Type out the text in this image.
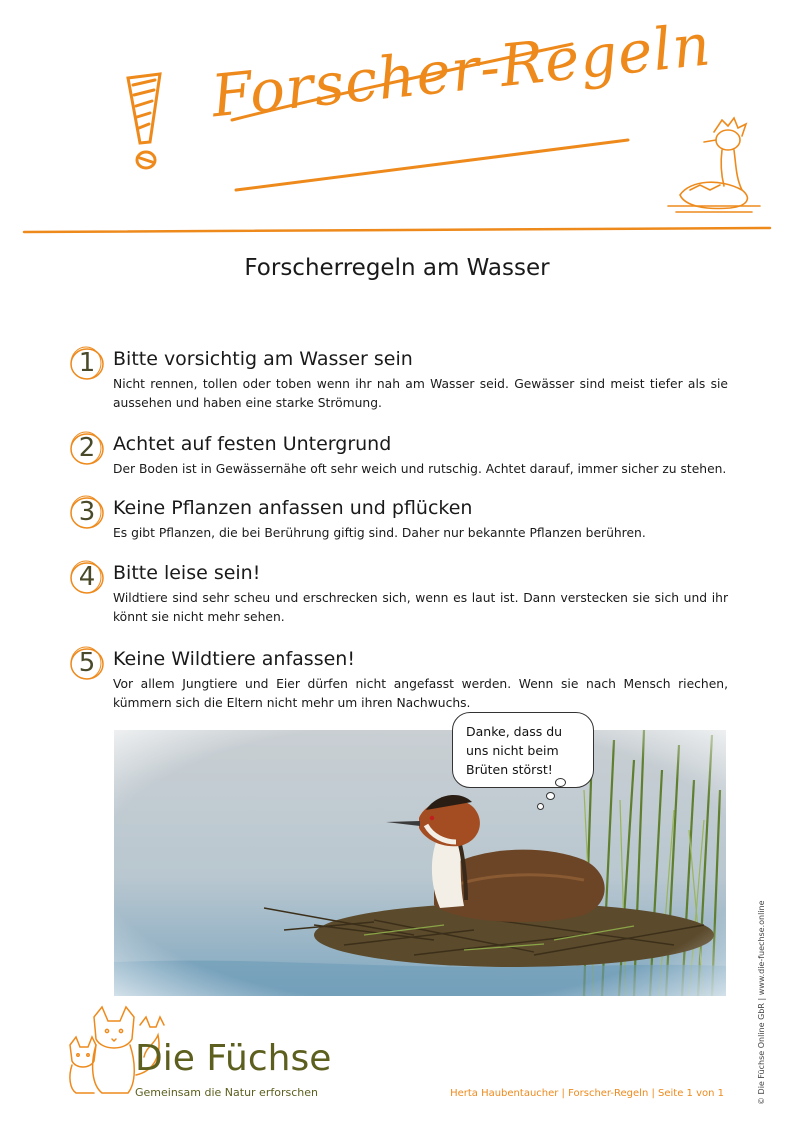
Forscher-Regeln
Forscherregeln am Wasser
1 Bitte vorsichtig am Wasser sein
Nicht rennen, tollen oder toben wenn ihr nah am Wasser seid. Gewässer sind meist tiefer als sie aussehen und haben eine starke Strömung.
2 Achtet auf festen Untergrund
Der Boden ist in Gewässernähe oft sehr weich und rutschig. Achtet darauf, immer sicher zu stehen.
3 Keine Pflanzen anfassen und pflücken
Es gibt Pflanzen, die bei Berührung giftig sind. Daher nur bekannte Pflanzen berühren.
4 Bitte leise sein!
Wildtiere sind sehr scheu und erschrecken sich, wenn es laut ist. Dann verstecken sie sich und ihr könnt sie nicht mehr sehen.
5 Keine Wildtiere anfassen!
Vor allem Jungtiere und Eier dürfen nicht angefasst werden. Wenn sie nach Mensch riechen, kümmern sich die Eltern nicht mehr um ihren Nachwuchs.
Danke, dass du
uns nicht beim
Brüten störst!
Die Füchse
Gemeinsam die Natur erforschen	Herta Haubentaucher | Forscher-Regeln | Seite 1 von 1	© Die Füchse Online GbR | www.die-fuechse.online
